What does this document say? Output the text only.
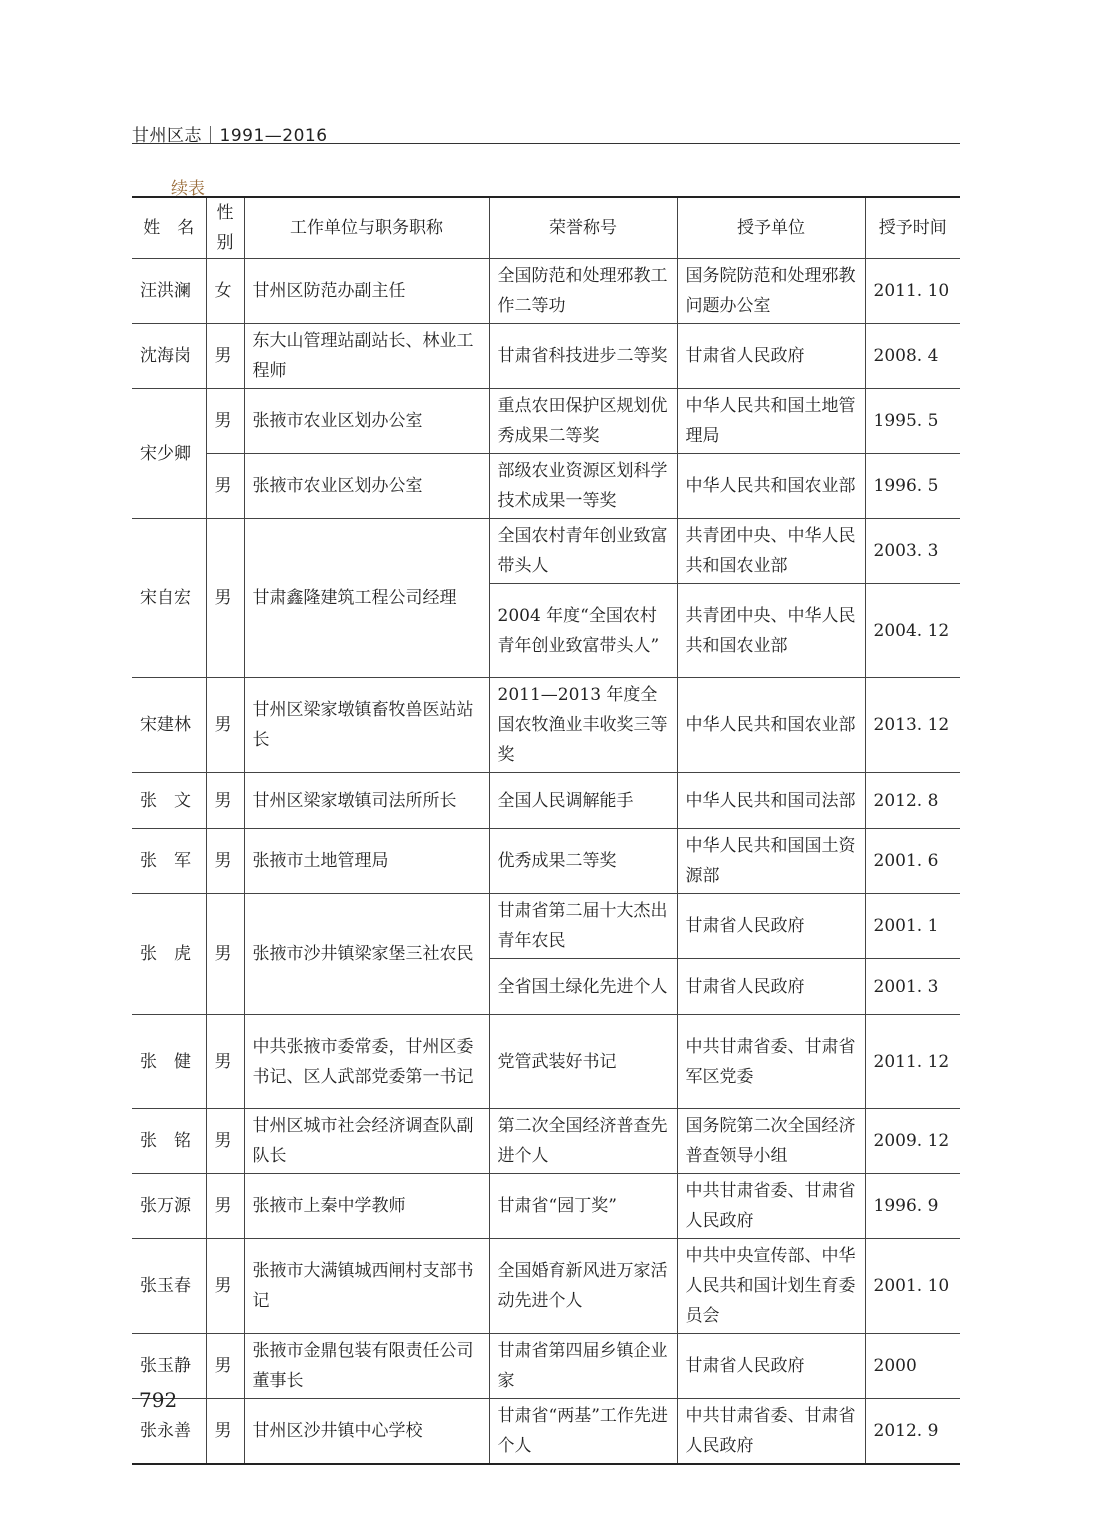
甘州区志｜1991—2016
续表
姓　名	性别	工作单位与职务职称	荣誉称号	授予单位	授予时间
汪洪澜	女	甘州区防范办副主任	全国防范和处理邪教工作二等功	国务院防范和处理邪教问题办公室	2011. 10
沈海岗	男	东大山管理站副站长、林业工程师	甘肃省科技进步二等奖	甘肃省人民政府	2008. 4
宋少卿	男	张掖市农业区划办公室	重点农田保护区规划优秀成果二等奖	中华人民共和国土地管理局	1995. 5
	男	张掖市农业区划办公室	部级农业资源区划科学技术成果一等奖	中华人民共和国农业部	1996. 5
宋自宏	男	甘肃鑫隆建筑工程公司经理	全国农村青年创业致富带头人	共青团中央、中华人民共和国农业部	2003. 3
			2004 年度“全国农村青年创业致富带头人”	共青团中央、中华人民共和国农业部	2004. 12
宋建林	男	甘州区梁家墩镇畜牧兽医站站长	2011—2013 年度全国农牧渔业丰收奖三等奖	中华人民共和国农业部	2013. 12
张　文	男	甘州区梁家墩镇司法所所长	全国人民调解能手	中华人民共和国司法部	2012. 8
张　军	男	张掖市土地管理局	优秀成果二等奖	中华人民共和国国土资源部	2001. 6
张　虎	男	张掖市沙井镇梁家堡三社农民	甘肃省第二届十大杰出青年农民	甘肃省人民政府	2001. 1
			全省国土绿化先进个人	甘肃省人民政府	2001. 3
张　健	男	中共张掖市委常委，甘州区委书记、区人武部党委第一书记	党管武装好书记	中共甘肃省委、甘肃省军区党委	2011. 12
张　铭	男	甘州区城市社会经济调查队副队长	第二次全国经济普查先进个人	国务院第二次全国经济普查领导小组	2009. 12
张万源	男	张掖市上秦中学教师	甘肃省“园丁奖”	中共甘肃省委、甘肃省人民政府	1996. 9
张玉春	男	张掖市大满镇城西闸村支部书记	全国婚育新风进万家活动先进个人	中共中央宣传部、中华人民共和国计划生育委员会	2001. 10
张玉静	男	张掖市金鼎包装有限责任公司董事长	甘肃省第四届乡镇企业家	甘肃省人民政府	2000
张永善	男	甘州区沙井镇中心学校	甘肃省“两基”工作先进个人	中共甘肃省委、甘肃省人民政府	2012. 9
792
